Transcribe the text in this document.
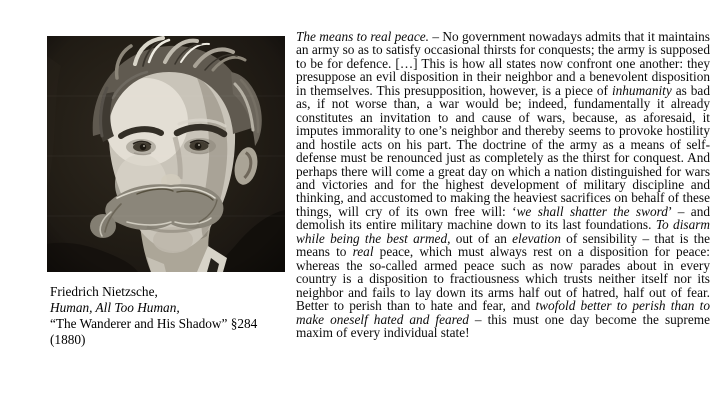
Friedrich Nietzsche,
Human, All Too Human,
“The Wanderer and His Shadow” §284
(1880)

The means to real peace. – No government nowadays admits that it maintains an army so as to satisfy occasional thirsts for conquests; the army is supposed to be for defence. […] This is how all states now confront one another: they presuppose an evil disposition in their neighbor and a benevolent disposition in themselves. This presupposition, however, is a piece of inhumanity as bad as, if not worse than, a war would be; indeed, fundamentally it already constitutes an invitation to and cause of wars, because, as aforesaid, it imputes immorality to one’s neighbor and thereby seems to provoke hostility and hostile acts on his part. The doctrine of the army as a means of self-defense must be renounced just as completely as the thirst for conquest. And perhaps there will come a great day on which a nation distinguished for wars and victories and for the highest development of military discipline and thinking, and accustomed to making the heaviest sacrifices on behalf of these things, will cry of its own free will: ‘we shall shatter the sword’ – and demolish its entire military machine down to its last foundations. To disarm while being the best armed, out of an elevation of sensibility – that is the means to real peace, which must always rest on a disposition for peace: whereas the so-called armed peace such as now parades about in every country is a disposition to fractiousness which trusts neither itself nor its neighbor and fails to lay down its arms half out of hatred, half out of fear. Better to perish than to hate and fear, and twofold better to perish than to make oneself hated and feared – this must one day become the supreme maxim of every individual state!
